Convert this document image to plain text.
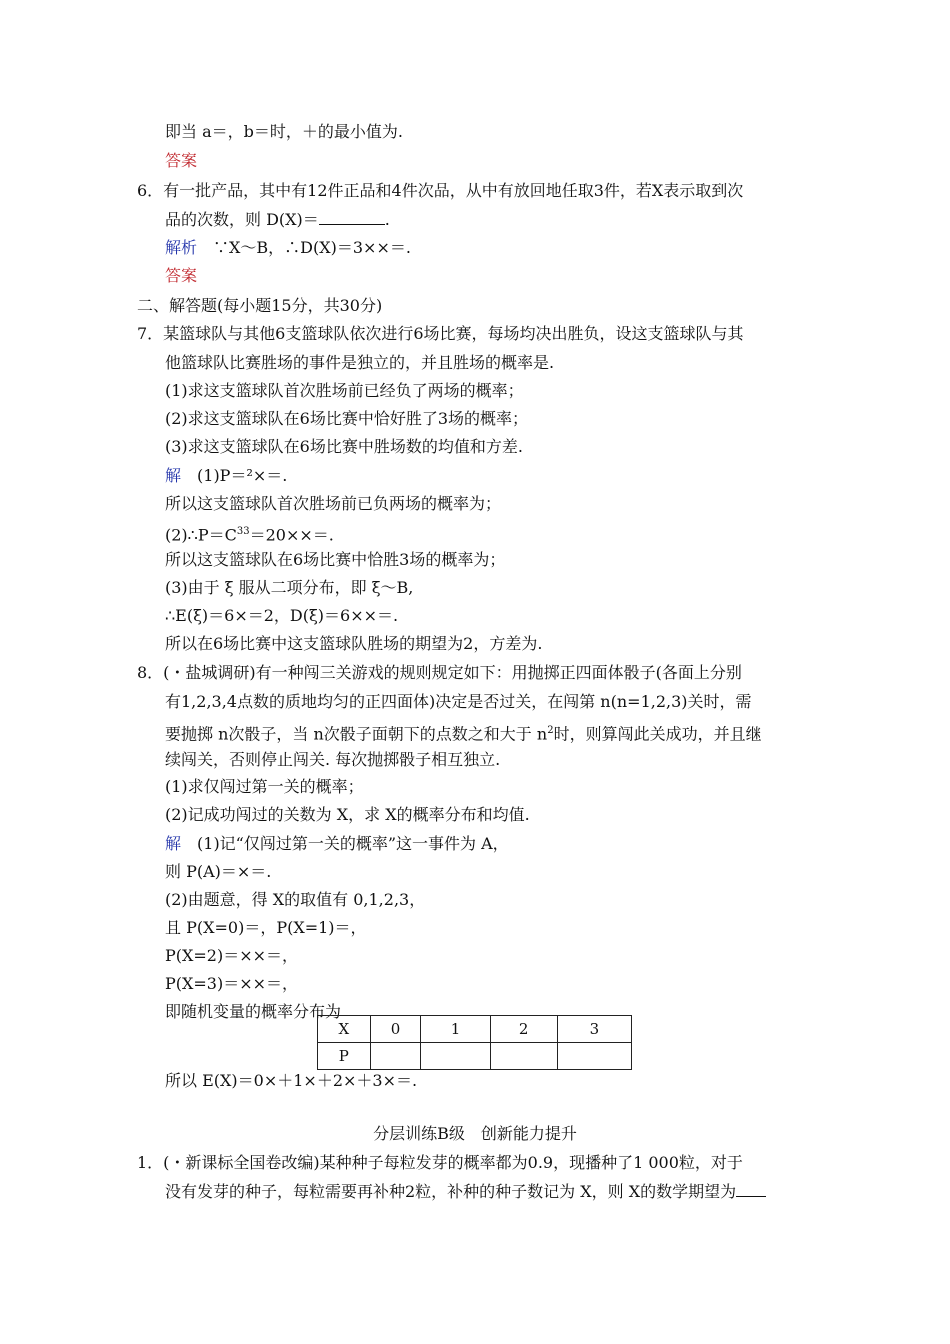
即当 a＝，b＝时，＋的最小值为.
答案
6．有一批产品，其中有12件正品和4件次品，从中有放回地任取3件，若X表示取到次
品的次数，则 D(X)＝	.
解析　∵X～B，∴D(X)＝3××＝.
答案
二、解答题(每小题15分，共30分)
7．某篮球队与其他6支篮球队依次进行6场比赛，每场均决出胜负，设这支篮球队与其
他篮球队比赛胜场的事件是独立的，并且胜场的概率是.
(1)求这支篮球队首次胜场前已经负了两场的概率；
(2)求这支篮球队在6场比赛中恰好胜了3场的概率；
(3)求这支篮球队在6场比赛中胜场数的均值和方差.
解　(1)P＝²×＝.
所以这支篮球队首次胜场前已负两场的概率为；
$(2)\therefore P=C^{33}=20\times\times=$.
所以这支篮球队在6场比赛中恰胜3场的概率为；
(3)由于 ξ 服从二项分布，即 ξ～B,
∴E(ξ)＝6×＝2，D(ξ)＝6××＝.
所以在6场比赛中这支篮球队胜场的期望为2，方差为.
8．(・盐城调研)有一种闯三关游戏的规则规定如下：用抛掷正四面体骰子(各面上分别
有1,2,3,4点数的质地均匀的正四面体)决定是否过关，在闯第 n(n=1,2,3)关时，需
要抛掷 n次骰子，当 n次骰子面朝下的点数之和大于 $n^2$时，则算闯此关成功，并且继
续闯关，否则停止闯关. 每次抛掷骰子相互独立.
(1)求仅闯过第一关的概率；
(2)记成功闯过的关数为 X，求 X的概率分布和均值.
解　(1)记“仅闯过第一关的概率”这一事件为 A，
则 P(A)＝×＝.
(2)由题意，得 X的取值有 0,1,2,3，
且 P(X=0)＝，P(X=1)＝，
P(X=2)＝××＝，
P(X=3)＝××＝，
即随机变量的概率分布为
X	0	1	2	3
P				
所以 E(X)＝0×＋1×＋2×＋3×＝.
分层训练B级　创新能力提升
1．(・新课标全国卷改编)某种种子每粒发芽的概率都为0.9，现播种了1 000粒，对于
没有发芽的种子，每粒需要再补种2粒，补种的种子数记为 X，则 X的数学期望为
